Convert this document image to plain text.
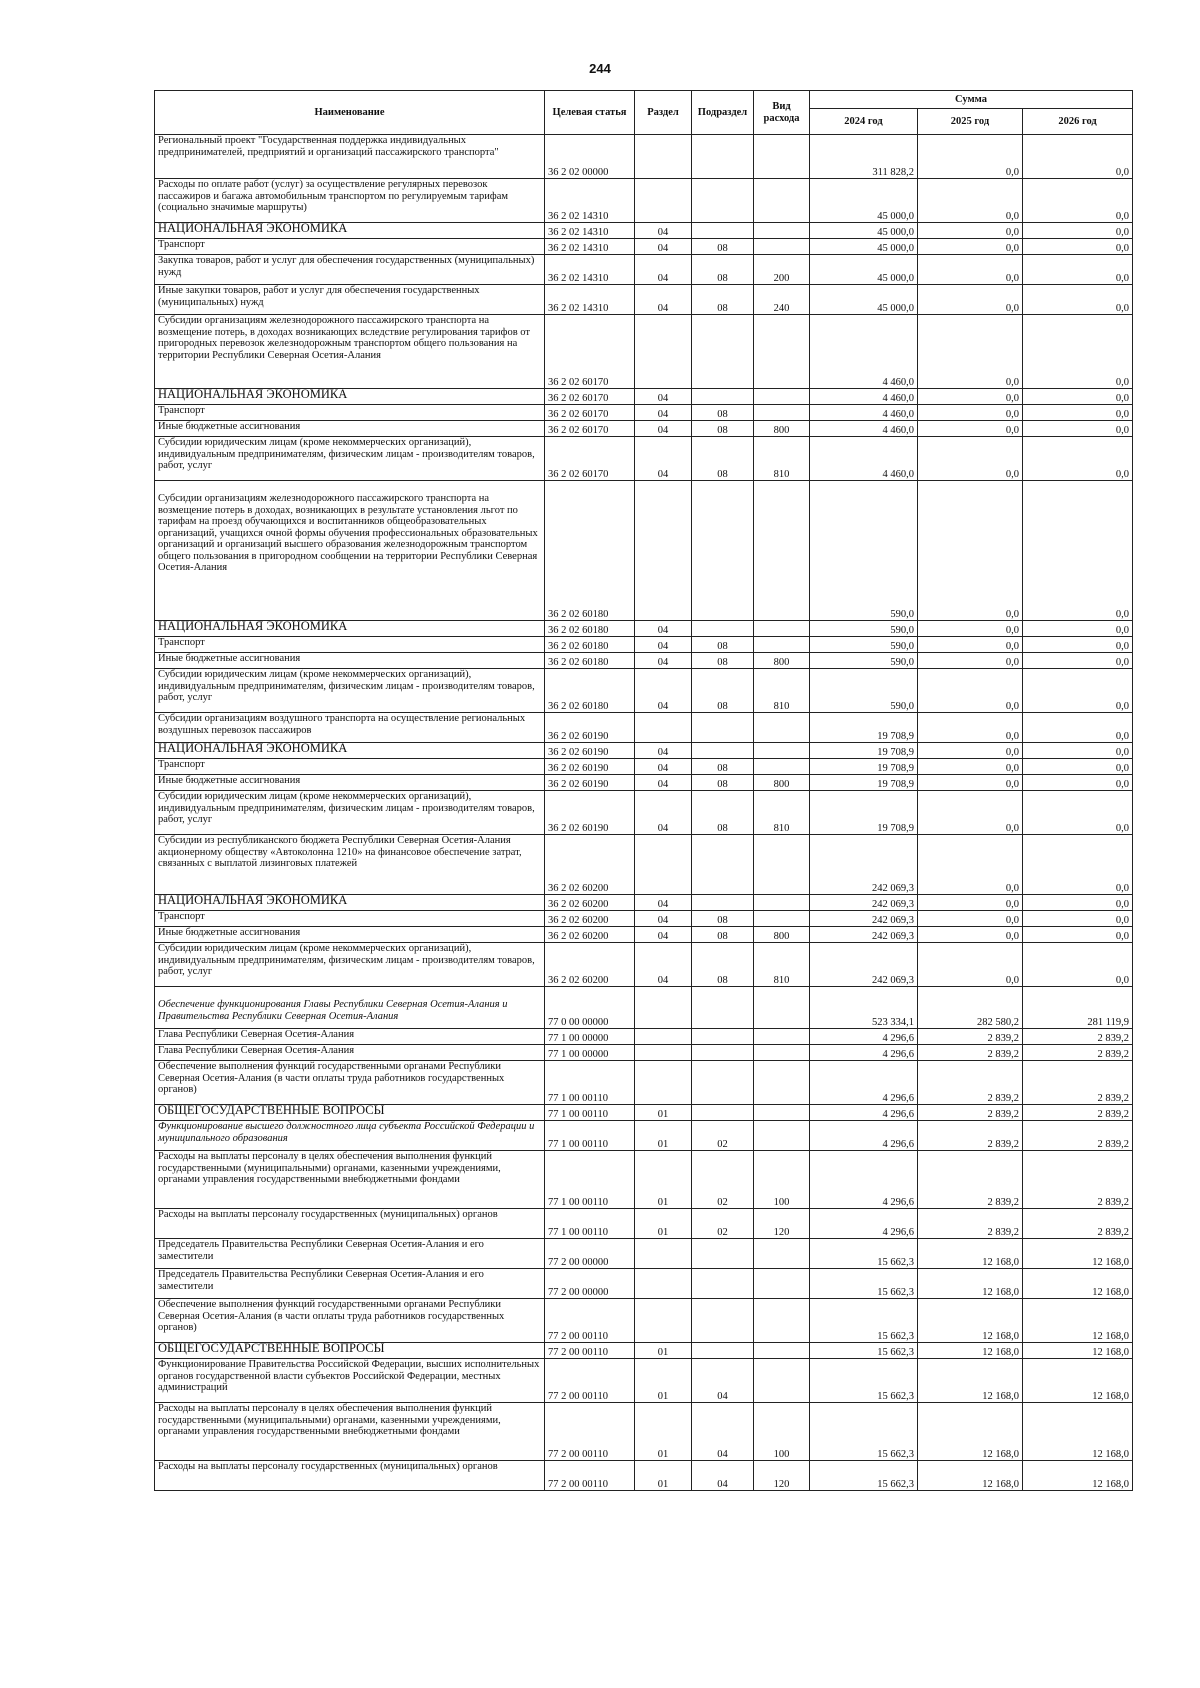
244
Наименование	Целевая статья	Раздел	Подраздел	Вид расхода	Сумма		
					2024 год	2025 год	2026 год
Региональный проект "Государственная поддержка индивидуальных предпринимателей, предприятий и организаций пассажирского транспорта"	36 2 02 00000				311 828,2	0,0	0,0
Расходы по оплате работ (услуг) за осуществление регулярных перевозок пассажиров и багажа автомобильным транспортом по регулируемым тарифам (социально значимые маршруты)	36 2 02 14310				45 000,0	0,0	0,0
НАЦИОНАЛЬНАЯ ЭКОНОМИКА	36 2 02 14310	04			45 000,0	0,0	0,0
Транспорт	36 2 02 14310	04	08		45 000,0	0,0	0,0
Закупка товаров, работ и услуг для обеспечения государственных (муниципальных) нужд	36 2 02 14310	04	08	200	45 000,0	0,0	0,0
Иные закупки товаров, работ и услуг для обеспечения государственных (муниципальных) нужд	36 2 02 14310	04	08	240	45 000,0	0,0	0,0
Субсидии организациям железнодорожного пассажирского транспорта на возмещение потерь, в доходах возникающих вследствие регулирования тарифов от пригородных перевозок железнодорожным транспортом общего пользования на территории Республики Северная Осетия-Алания	36 2 02 60170				4 460,0	0,0	0,0
НАЦИОНАЛЬНАЯ ЭКОНОМИКА	36 2 02 60170	04			4 460,0	0,0	0,0
Транспорт	36 2 02 60170	04	08		4 460,0	0,0	0,0
Иные бюджетные ассигнования	36 2 02 60170	04	08	800	4 460,0	0,0	0,0
Субсидии юридическим лицам (кроме некоммерческих организаций), индивидуальным предпринимателям, физическим лицам - производителям товаров, работ, услуг	36 2 02 60170	04	08	810	4 460,0	0,0	0,0
Субсидии организациям железнодорожного пассажирского транспорта на возмещение потерь в доходах, возникающих в результате установления льгот по тарифам на проезд обучающихся и воспитанников общеобразовательных организаций, учащихся очной формы обучения профессиональных образовательных организаций и организаций высшего образования железнодорожным транспортом общего пользования в пригородном сообщении на территории Республики Северная Осетия-Алания	36 2 02 60180				590,0	0,0	0,0
НАЦИОНАЛЬНАЯ ЭКОНОМИКА	36 2 02 60180	04			590,0	0,0	0,0
Транспорт	36 2 02 60180	04	08		590,0	0,0	0,0
Иные бюджетные ассигнования	36 2 02 60180	04	08	800	590,0	0,0	0,0
Субсидии юридическим лицам (кроме некоммерческих организаций), индивидуальным предпринимателям, физическим лицам - производителям товаров, работ, услуг	36 2 02 60180	04	08	810	590,0	0,0	0,0
Субсидии организациям воздушного транспорта на осуществление региональных воздушных перевозок пассажиров	36 2 02 60190				19 708,9	0,0	0,0
НАЦИОНАЛЬНАЯ ЭКОНОМИКА	36 2 02 60190	04			19 708,9	0,0	0,0
Транспорт	36 2 02 60190	04	08		19 708,9	0,0	0,0
Иные бюджетные ассигнования	36 2 02 60190	04	08	800	19 708,9	0,0	0,0
Субсидии юридическим лицам (кроме некоммерческих организаций), индивидуальным предпринимателям, физическим лицам - производителям товаров, работ, услуг	36 2 02 60190	04	08	810	19 708,9	0,0	0,0
Субсидии из республиканского бюджета Республики Северная Осетия-Алания акционерному обществу «Автоколонна 1210» на финансовое обеспечение затрат, связанных с выплатой лизинговых платежей	36 2 02 60200				242 069,3	0,0	0,0
НАЦИОНАЛЬНАЯ ЭКОНОМИКА	36 2 02 60200	04			242 069,3	0,0	0,0
Транспорт	36 2 02 60200	04	08		242 069,3	0,0	0,0
Иные бюджетные ассигнования	36 2 02 60200	04	08	800	242 069,3	0,0	0,0
Субсидии юридическим лицам (кроме некоммерческих организаций), индивидуальным предпринимателям, физическим лицам - производителям товаров, работ, услуг	36 2 02 60200	04	08	810	242 069,3	0,0	0,0
Обеспечение функционирования Главы Республики Северная Осетия-Алания и Правительства Республики Северная Осетия-Алания	77 0 00 00000				523 334,1	282 580,2	281 119,9
Глава Республики Северная Осетия-Алания	77 1 00 00000				4 296,6	2 839,2	2 839,2
Глава Республики Северная Осетия-Алания	77 1 00 00000				4 296,6	2 839,2	2 839,2
Обеспечение выполнения функций государственными органами Республики Северная Осетия-Алания (в части оплаты труда работников государственных органов)	77 1 00 00110				4 296,6	2 839,2	2 839,2
ОБЩЕГОСУДАРСТВЕННЫЕ ВОПРОСЫ	77 1 00 00110	01			4 296,6	2 839,2	2 839,2
Функционирование высшего должностного лица субъекта Российской Федерации и муниципального образования	77 1 00 00110	01	02		4 296,6	2 839,2	2 839,2
Расходы на выплаты персоналу в целях обеспечения выполнения функций государственными (муниципальными) органами, казенными учреждениями, органами управления государственными внебюджетными фондами	77 1 00 00110	01	02	100	4 296,6	2 839,2	2 839,2
Расходы на выплаты персоналу государственных (муниципальных) органов	77 1 00 00110	01	02	120	4 296,6	2 839,2	2 839,2
Председатель Правительства Республики Северная Осетия-Алания и его заместители	77 2 00 00000				15 662,3	12 168,0	12 168,0
Председатель Правительства Республики Северная Осетия-Алания и его заместители	77 2 00 00000				15 662,3	12 168,0	12 168,0
Обеспечение выполнения функций государственными органами Республики Северная Осетия-Алания (в части оплаты труда работников государственных органов)	77 2 00 00110				15 662,3	12 168,0	12 168,0
ОБЩЕГОСУДАРСТВЕННЫЕ ВОПРОСЫ	77 2 00 00110	01			15 662,3	12 168,0	12 168,0
Функционирование Правительства Российской Федерации, высших исполнительных органов государственной власти субъектов Российской Федерации, местных администраций	77 2 00 00110	01	04		15 662,3	12 168,0	12 168,0
Расходы на выплаты персоналу в целях обеспечения выполнения функций государственными (муниципальными) органами, казенными учреждениями, органами управления государственными внебюджетными фондами	77 2 00 00110	01	04	100	15 662,3	12 168,0	12 168,0
Расходы на выплаты персоналу государственных (муниципальных) органов	77 2 00 00110	01	04	120	15 662,3	12 168,0	12 168,0
